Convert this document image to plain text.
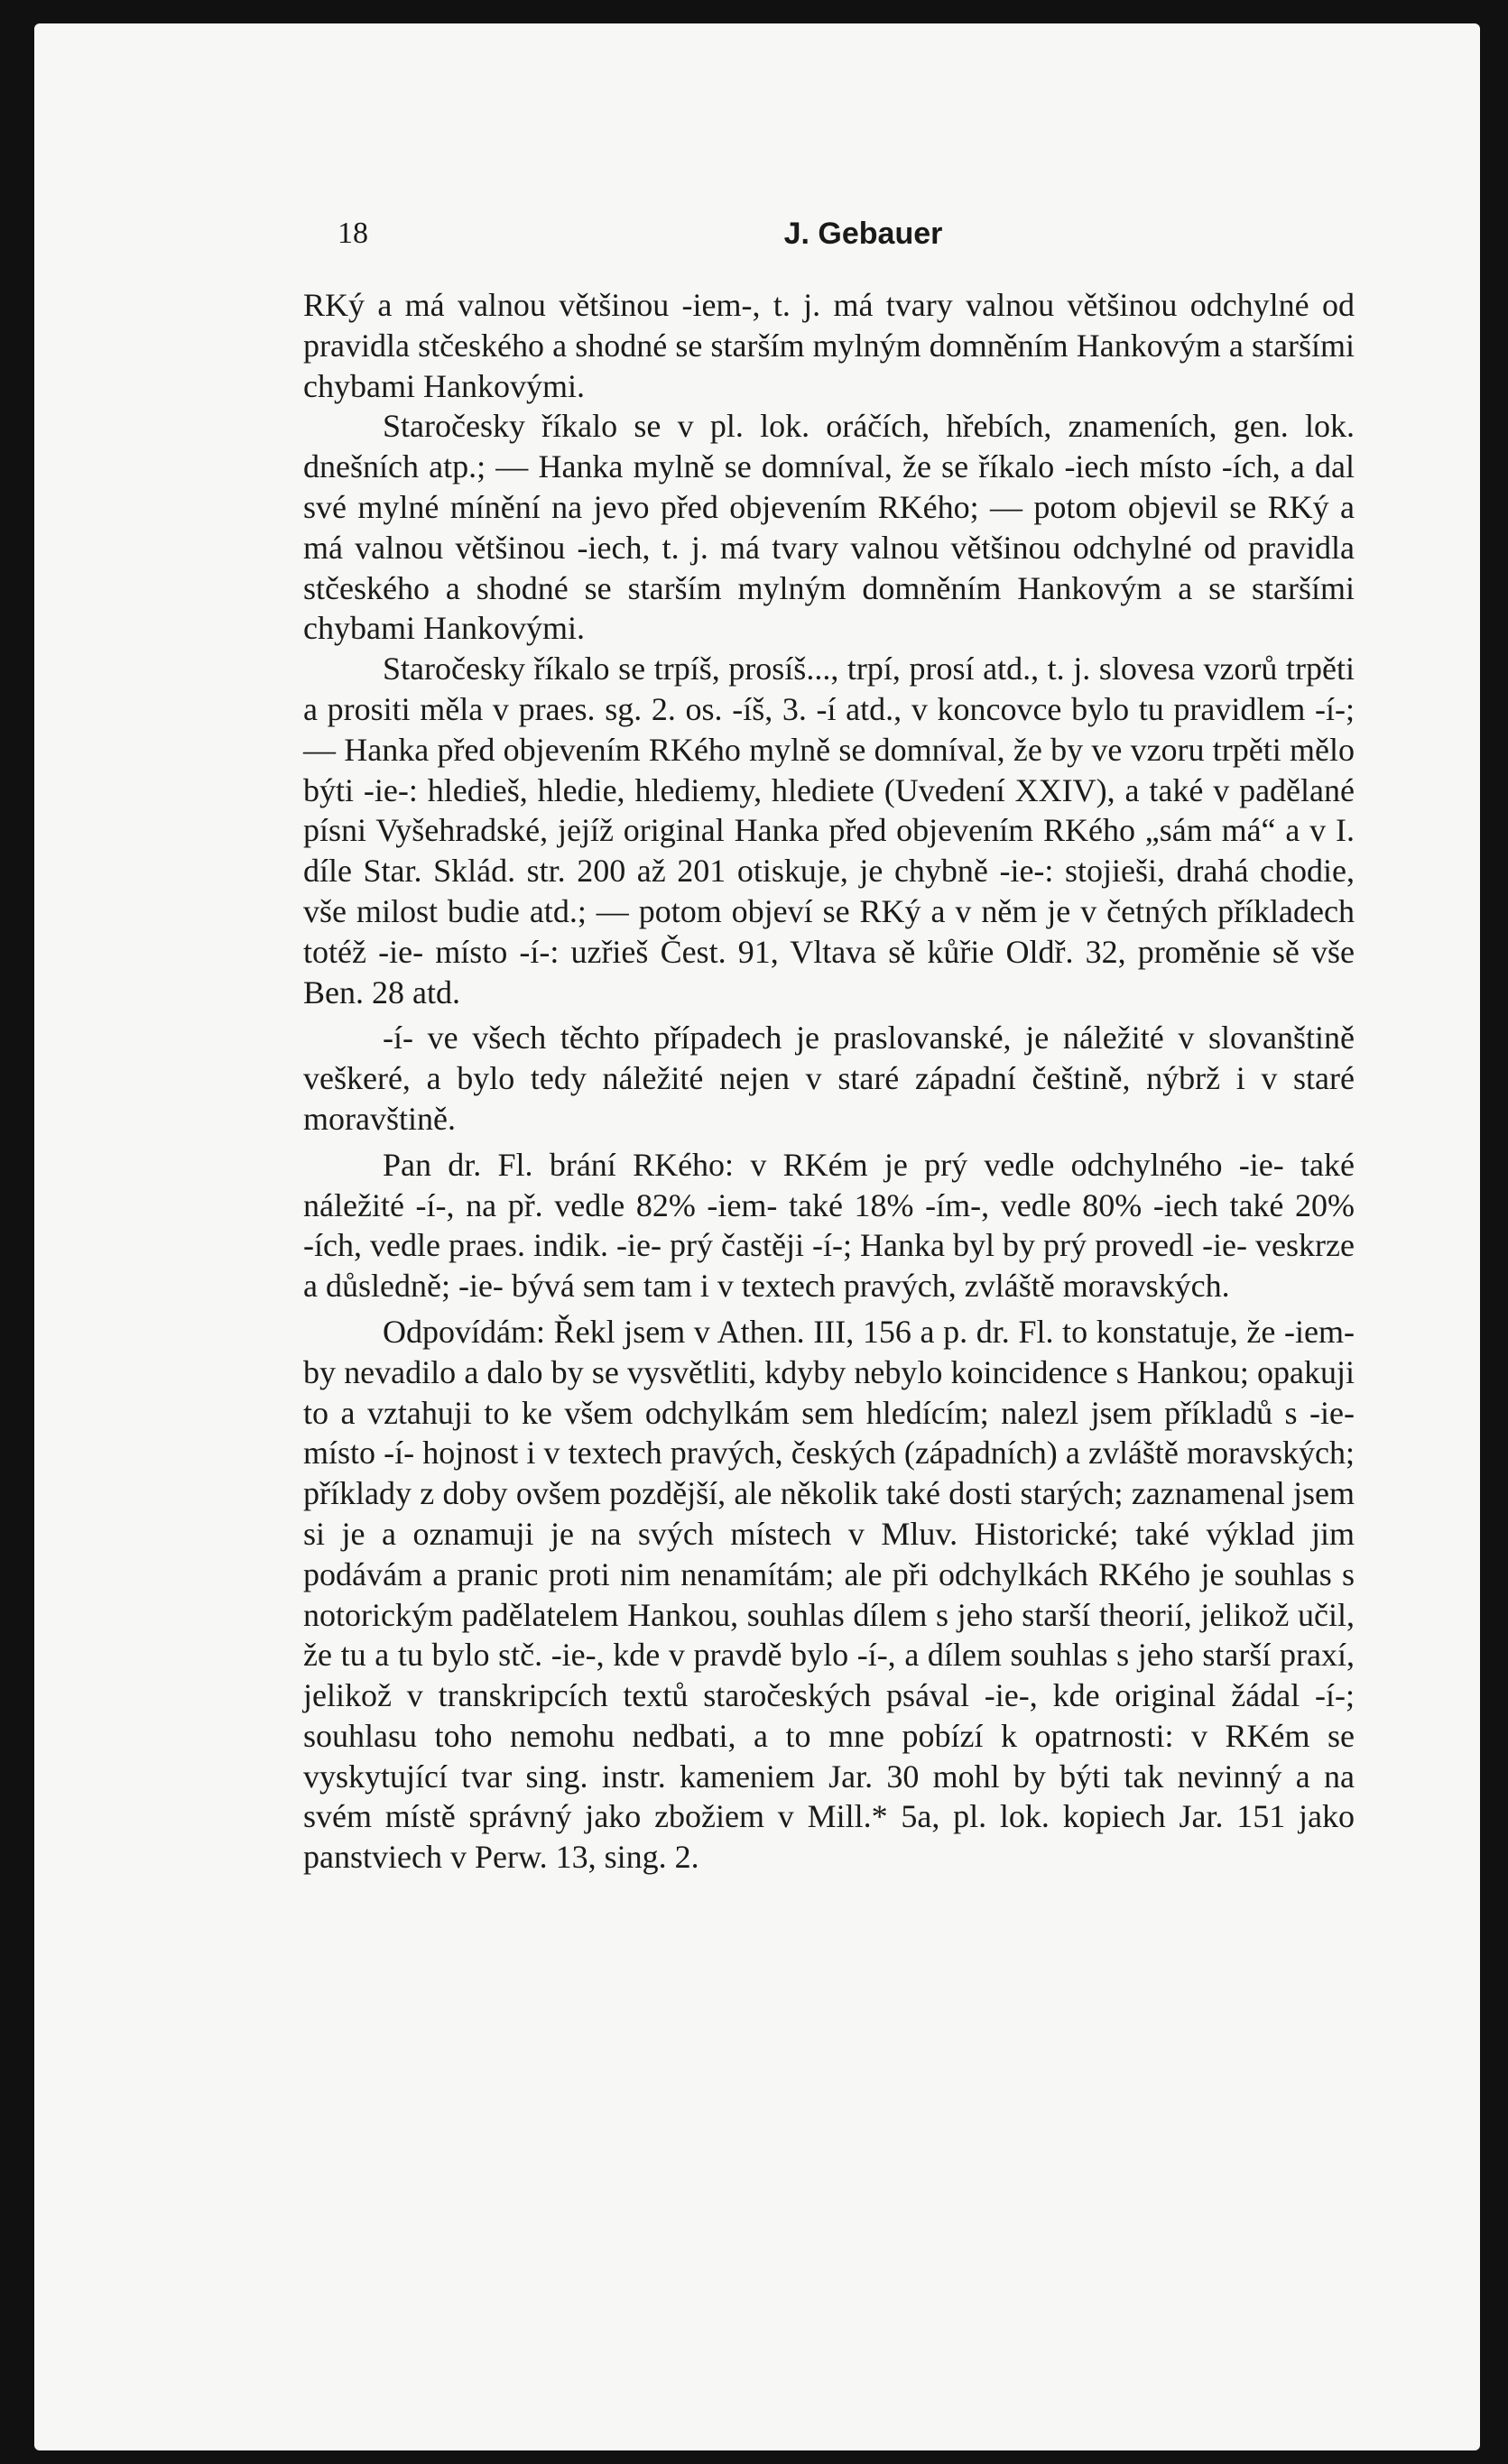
18	J. Gebauer

RKý a má valnou většinou -iem-, t. j. má tvary valnou většinou odchylné od pravidla stčeského a shodné se starším mylným domněním Hankovým a staršími chybami Hankovými.

Staročesky říkalo se v pl. lok. oráčích, hřebích, znameních, gen. lok. dnešních atp.; — Hanka mylně se domníval, že se říkalo -iech místo -ích, a dal své mylné mínění na jevo před objevením RKého; — potom objevil se RKý a má valnou většinou -iech, t. j. má tvary valnou většinou odchylné od pravidla stčeského a shodné se starším mylným domněním Hankovým a se staršími chybami Hankovými.

Staročesky říkalo se trpíš, prosíš..., trpí, prosí atd., t. j. slovesa vzorů trpěti a prositi měla v praes. sg. 2. os. -íš, 3. -í atd., v koncovce bylo tu pravidlem -í-; — Hanka před objevením RKého mylně se domníval, že by ve vzoru trpěti mělo býti -ie-: hledieš, hledie, hlediemy, hlediete (Uvedení XXIV), a také v padělané písni Vyšehradské, jejíž original Hanka před objevením RKého „sám má“ a v I. díle Star. Sklád. str. 200 až 201 otiskuje, je chybně -ie-: stojieši, drahá chodie, vše milost budie atd.; — potom objeví se RKý a v něm je v četných příkladech totéž -ie- místo -í-: uzřieš Čest. 91, Vltava sě kůřie Oldř. 32, proměnie sě vše Ben. 28 atd.

-í- ve všech těchto případech je praslovanské, je náležité v slovanštině veškeré, a bylo tedy náležité nejen v staré západní češtině, nýbrž i v staré moravštině.

Pan dr. Fl. brání RKého: v RKém je prý vedle odchylného -ie- také náležité -í-, na př. vedle 82% -iem- také 18% -ím-, vedle 80% -iech také 20% -ích, vedle praes. indik. -ie- prý častěji -í-; Hanka byl by prý provedl -ie- veskrze a důsledně; -ie- bývá sem tam i v textech pravých, zvláště moravských.

Odpovídám: Řekl jsem v Athen. III, 156 a p. dr. Fl. to konstatuje, že -iem- by nevadilo a dalo by se vysvětliti, kdyby nebylo koincidence s Hankou; opakuji to a vztahuji to ke všem odchylkám sem hledícím; nalezl jsem příkladů s -ie- místo -í- hojnost i v textech pravých, českých (západních) a zvláště moravských; příklady z doby ovšem pozdější, ale několik také dosti starých; zaznamenal jsem si je a oznamuji je na svých místech v Mluv. Historické; také výklad jim podávám a pranic proti nim nenamítám; ale při odchylkách RKého je souhlas s notorickým padělatelem Hankou, souhlas dílem s jeho starší theorií, jelikož učil, že tu a tu bylo stč. -ie-, kde v pravdě bylo -í-, a dílem souhlas s jeho starší praxí, jelikož v transkripcích textů staročeských psával -ie-, kde original žádal -í-; souhlasu toho nemohu nedbati, a to mne pobízí k opatrnosti: v RKém se vyskytující tvar sing. instr. kameniem Jar. 30 mohl by býti tak nevinný a na svém místě správný jako zbožiem v Mill.* 5a, pl. lok. kopiech Jar. 151 jako panstviech v Perw. 13, sing. 2.
